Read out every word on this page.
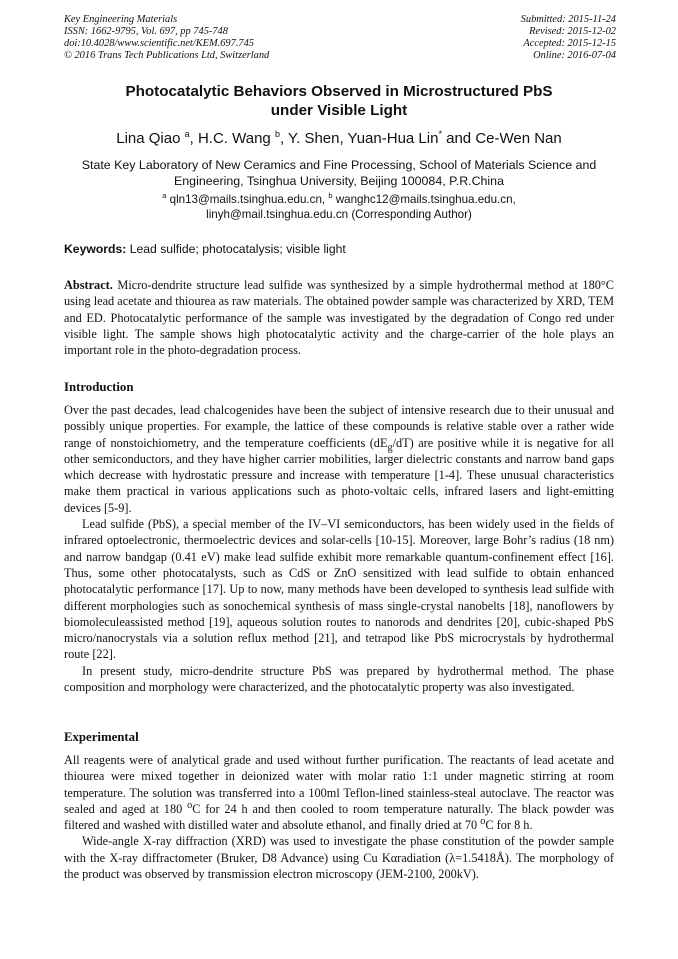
Key Engineering Materials
ISSN: 1662-9795, Vol. 697, pp 745-748
doi:10.4028/www.scientific.net/KEM.697.745
© 2016 Trans Tech Publications Ltd, Switzerland
Submitted: 2015-11-24
Revised: 2015-12-02
Accepted: 2015-12-15
Online: 2016-07-04
Photocatalytic Behaviors Observed in Microstructured PbS
under Visible Light
Lina Qiao $^a$, H.C. Wang $^b$, Y. Shen, Yuan-Hua Lin* and Ce-Wen Nan
State Key Laboratory of New Ceramics and Fine Processing, School of Materials Science and
Engineering, Tsinghua University, Beijing 100084, P.R.China
$^a$ qln13@mails.tsinghua.edu.cn, $^b$ wanghc12@mails.tsinghua.edu.cn,
linyh@mail.tsinghua.edu.cn (Corresponding Author)
Keywords: Lead sulfide; photocatalysis; visible light

Abstract. Micro-dendrite structure lead sulfide was synthesized by a simple hydrothermal method at 180°C using lead acetate and thiourea as raw materials. The obtained powder sample was characterized by XRD, TEM and ED. Photocatalytic performance of the sample was investigated by the degradation of Congo red under visible light. The sample shows high photocatalytic activity and the charge-carrier of the hole plays an important role in the photo-degradation process.

Introduction

Over the past decades, lead chalcogenides have been the subject of intensive research due to their unusual and possibly unique properties. For example, the lattice of these compounds is relative stable over a rather wide range of nonstoichiometry, and the temperature coefficients $(dE_g/dT)$ are positive while it is negative for all other semiconductors, and they have higher carrier mobilities, larger dielectric constants and narrow band gaps which decrease with hydrostatic pressure and increase with temperature [1-4]. These unusual characteristics make them practical in various applications such as photo-voltaic cells, infrared lasers and light-emitting devices [5-9].

Lead sulfide (PbS), a special member of the IV–VI semiconductors, has been widely used in the fields of infrared optoelectronic, thermoelectric devices and solar-cells [10-15]. Moreover, large Bohr’s radius (18 nm) and narrow bandgap (0.41 eV) make lead sulfide exhibit more remarkable quantum-confinement effect [16]. Thus, some other photocatalysts, such as CdS or ZnO sensitized with lead sulfide to obtain enhanced photocatalytic performance [17]. Up to now, many methods have been developed to synthesis lead sulfide with different morphologies such as sonochemical synthesis of mass single-crystal nanobelts [18], nanoflowers by biomoleculeassisted method [19], aqueous solution routes to nanorods and dendrites [20], cubic-shaped PbS micro/nanocrystals via a solution reflux method [21], and tetrapod like PbS microcrystals by hydrothermal route [22].

In present study, micro-dendrite structure PbS was prepared by hydrothermal method. The phase composition and morphology were characterized, and the photocatalytic property was also investigated.

Experimental

All reagents were of analytical grade and used without further purification. The reactants of lead acetate and thiourea were mixed together in deionized water with molar ratio 1:1 under magnetic stirring at room temperature. The solution was transferred into a 100ml Teflon-lined stainless-steal autoclave. The reactor was sealed and aged at 180 $^o$C for 24 h and then cooled to room temperature naturally. The black powder was filtered and washed with distilled water and absolute ethanol, and finally dried at 70 $^o$C for 8 h.

Wide-angle X-ray diffraction (XRD) was used to investigate the phase constitution of the powder sample with the X-ray diffractometer (Bruker, D8 Advance) using Cu Kαradiation (λ=1.5418Å). The morphology of the product was observed by transmission electron microscopy (JEM-2100, 200kV).
